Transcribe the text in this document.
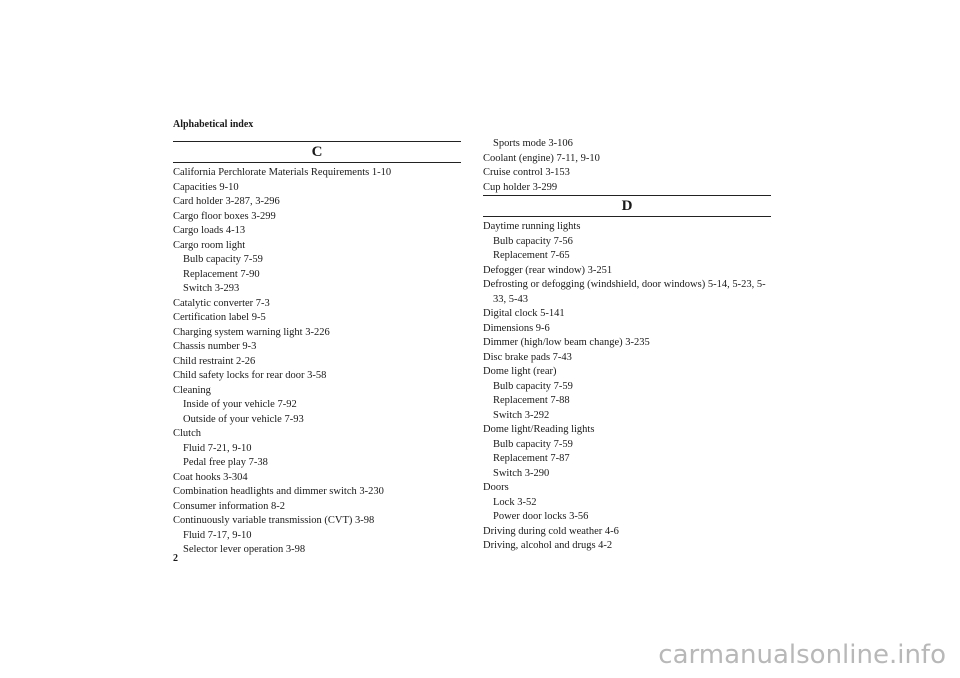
Alphabetical index
C
California Perchlorate Materials Requirements 1-10
Capacities 9-10
Card holder 3-287, 3-296
Cargo floor boxes 3-299
Cargo loads 4-13
Cargo room light
Bulb capacity 7-59
Replacement 7-90
Switch 3-293
Catalytic converter 7-3
Certification label 9-5
Charging system warning light 3-226
Chassis number 9-3
Child restraint 2-26
Child safety locks for rear door 3-58
Cleaning
Inside of your vehicle 7-92
Outside of your vehicle 7-93
Clutch
Fluid 7-21, 9-10
Pedal free play 7-38
Coat hooks 3-304
Combination headlights and dimmer switch 3-230
Consumer information 8-2
Continuously variable transmission (CVT) 3-98
Fluid 7-17, 9-10
Selector lever operation 3-98
Sports mode 3-106
Coolant (engine) 7-11, 9-10
Cruise control 3-153
Cup holder 3-299
D
Daytime running lights
Bulb capacity 7-56
Replacement 7-65
Defogger (rear window) 3-251
Defrosting or defogging (windshield, door windows) 5-14, 5-23, 5-33, 5-43
Digital clock 5-141
Dimensions 9-6
Dimmer (high/low beam change) 3-235
Disc brake pads 7-43
Dome light (rear)
Bulb capacity 7-59
Replacement 7-88
Switch 3-292
Dome light/Reading lights
Bulb capacity 7-59
Replacement 7-87
Switch 3-290
Doors
Lock 3-52
Power door locks 3-56
Driving during cold weather 4-6
Driving, alcohol and drugs 4-2
2
carmanualsonline.info
